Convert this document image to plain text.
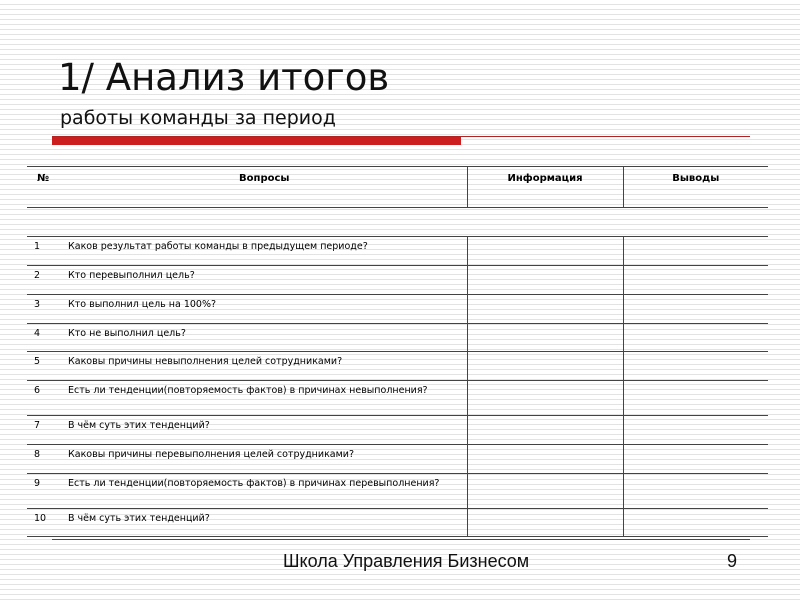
1/ Анализ итогов
работы команды за период
№	Вопросы	Информация	Выводы

1	Каков результат работы команды в предыдущем периоде?		
2	Кто перевыполнил цель?		
3	Кто выполнил цель на 100%?		
4	Кто не выполнил цель?		
5	Каковы причины невыполнения целей сотрудниками?		
6	Есть ли тенденции(повторяемость фактов) в причинах невыполнения?		
7	В чём суть этих тенденций?		
8	Каковы причины перевыполнения целей сотрудниками?		
9	Есть ли тенденции(повторяемость фактов) в причинах перевыполнения?		
10	В чём суть этих тенденций?		
Школа Управления Бизнесом	9
